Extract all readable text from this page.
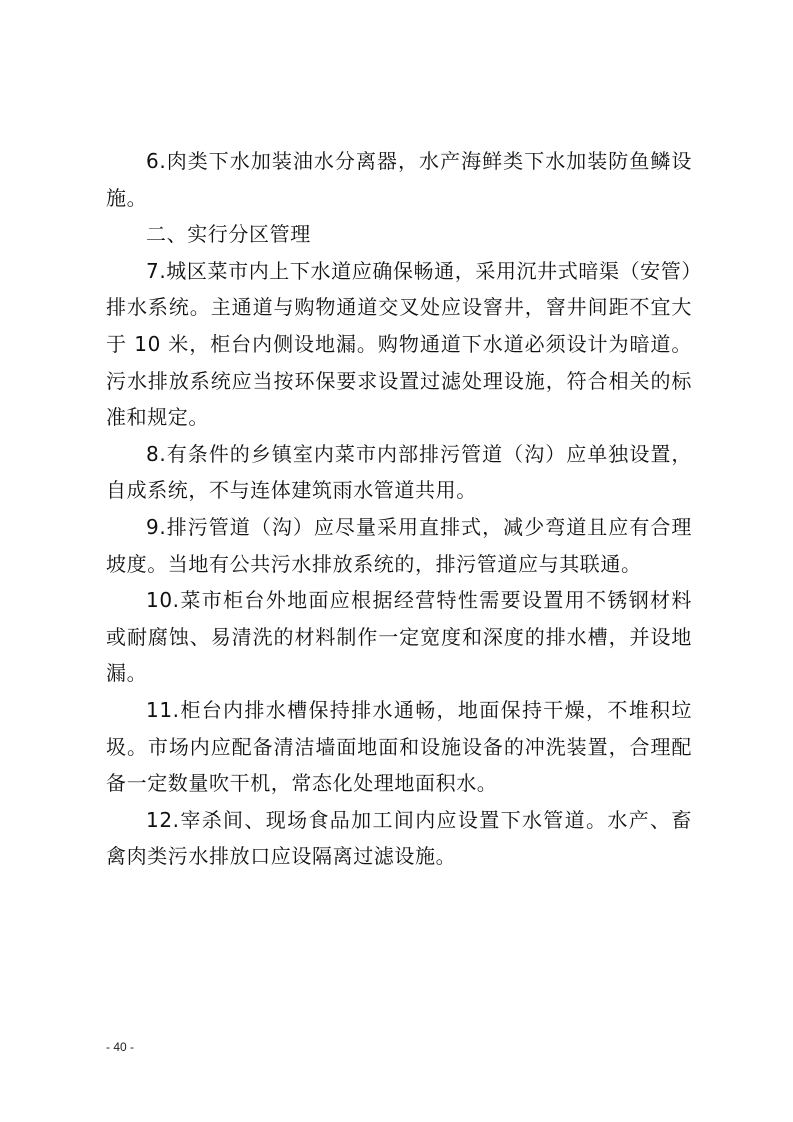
6.肉类下水加装油水分离器，水产海鲜类下水加装防鱼鳞设施。

二、实行分区管理

7.城区菜市内上下水道应确保畅通，采用沉井式暗渠（安管）排水系统。主通道与购物通道交叉处应设窨井，窨井间距不宜大于 10 米，柜台内侧设地漏。购物通道下水道必须设计为暗道。污水排放系统应当按环保要求设置过滤处理设施，符合相关的标准和规定。

8.有条件的乡镇室内菜市内部排污管道（沟）应单独设置，自成系统，不与连体建筑雨水管道共用。

9.排污管道（沟）应尽量采用直排式，减少弯道且应有合理坡度。当地有公共污水排放系统的，排污管道应与其联通。

10.菜市柜台外地面应根据经营特性需要设置用不锈钢材料或耐腐蚀、易清洗的材料制作一定宽度和深度的排水槽，并设地漏。

11.柜台内排水槽保持排水通畅，地面保持干燥，不堆积垃圾。市场内应配备清洁墙面地面和设施设备的冲洗装置，合理配备一定数量吹干机，常态化处理地面积水。

12.宰杀间、现场食品加工间内应设置下水管道。水产、畜禽肉类污水排放口应设隔离过滤设施。

- 40 -
